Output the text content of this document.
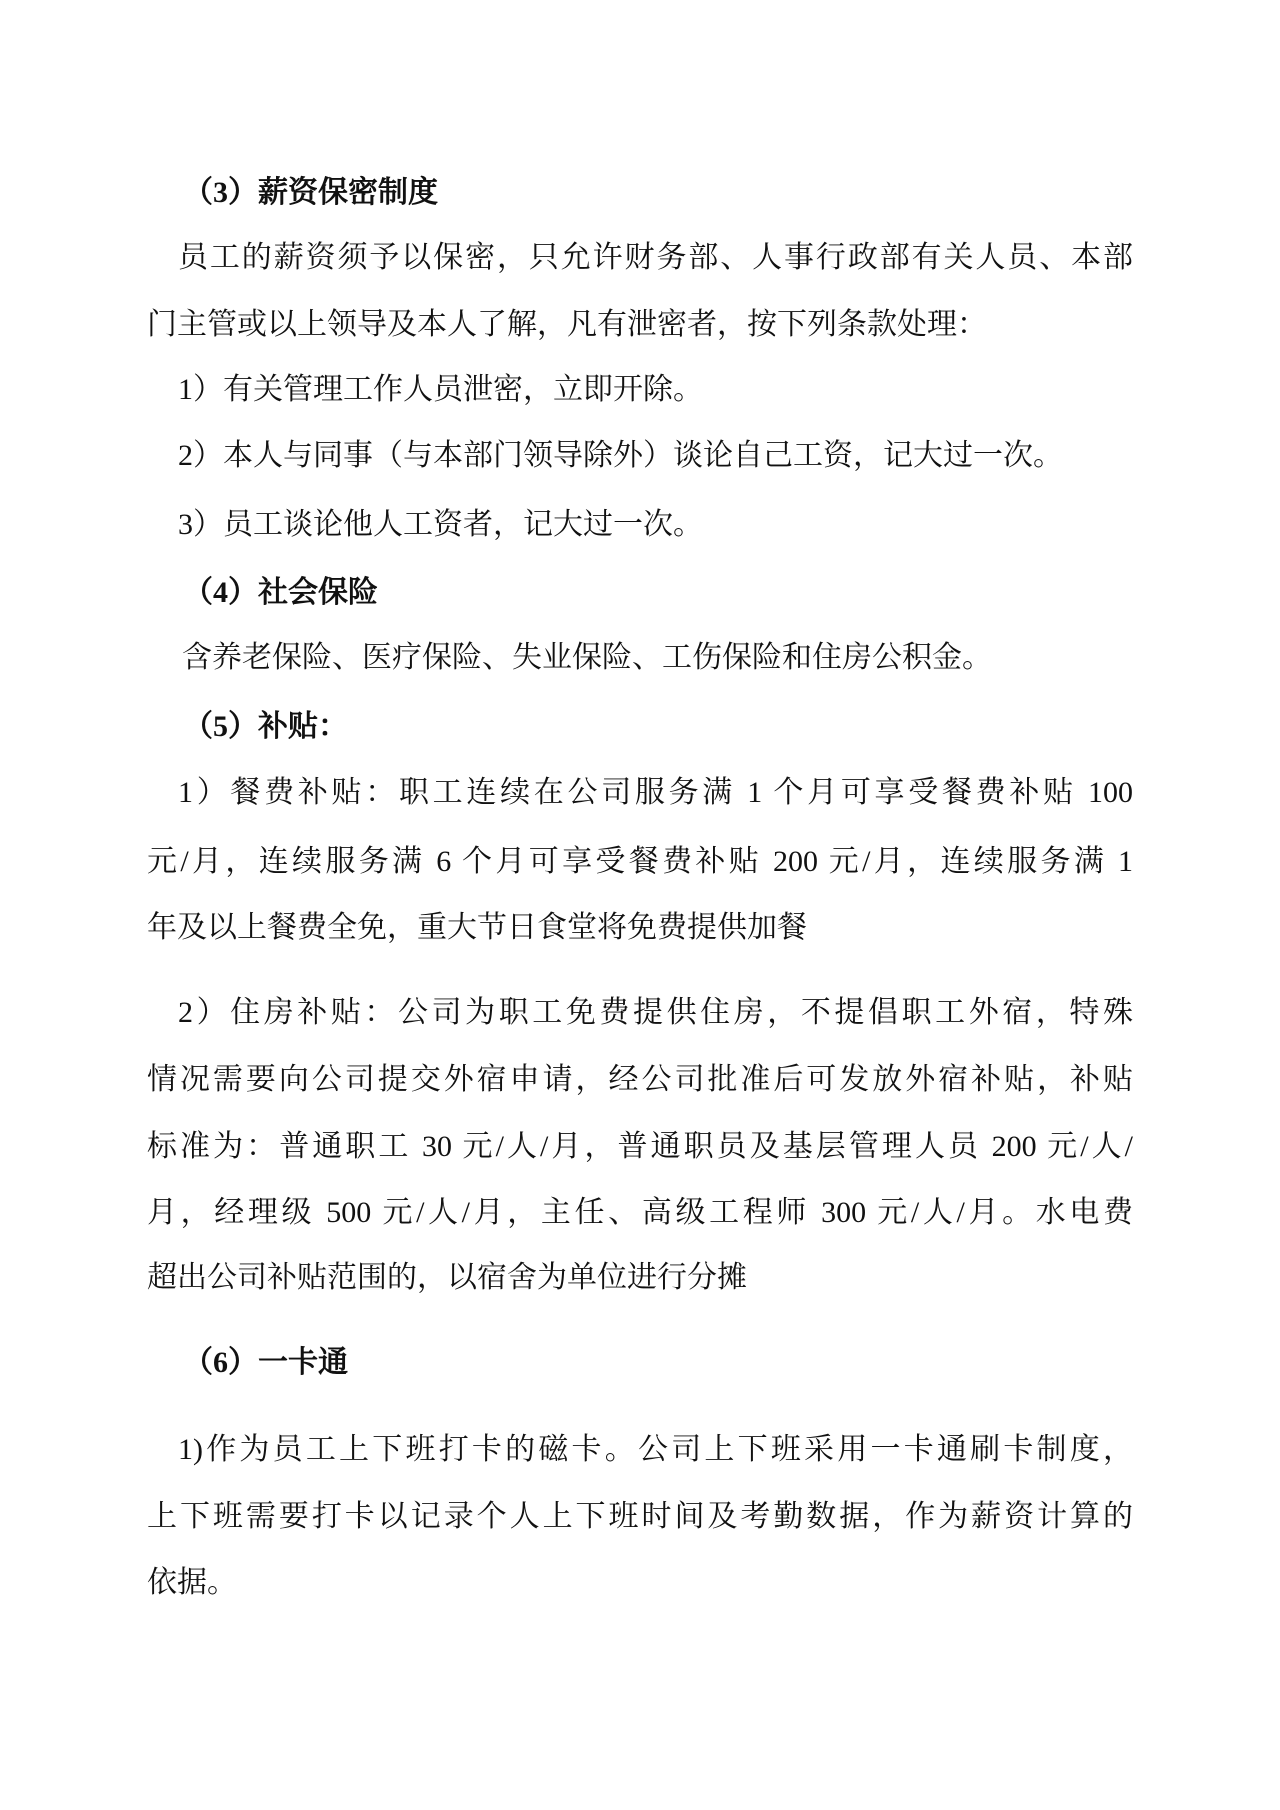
（3）薪资保密制度
员工的薪资须予以保密，只允许财务部、人事行政部有关人员、本部
门主管或以上领导及本人了解，凡有泄密者，按下列条款处理：
1）有关管理工作人员泄密，立即开除。
2）本人与同事（与本部门领导除外）谈论自己工资，记大过一次。
3）员工谈论他人工资者，记大过一次。
（4）社会保险
含养老保险、医疗保险、失业保险、工伤保险和住房公积金。
（5）补贴：
1）餐费补贴：职工连续在公司服务满 1 个月可享受餐费补贴 100
元/月，连续服务满 6 个月可享受餐费补贴 200 元/月，连续服务满 1
年及以上餐费全免，重大节日食堂将免费提供加餐
2）住房补贴：公司为职工免费提供住房，不提倡职工外宿，特殊
情况需要向公司提交外宿申请，经公司批准后可发放外宿补贴，补贴
标准为：普通职工 30 元/人/月，普通职员及基层管理人员 200 元/人/
月，经理级 500 元/人/月，主任、高级工程师 300 元/人/月。水电费
超出公司补贴范围的，以宿舍为单位进行分摊
（6）一卡通
1)作为员工上下班打卡的磁卡。公司上下班采用一卡通刷卡制度，
上下班需要打卡以记录个人上下班时间及考勤数据，作为薪资计算的
依据。
